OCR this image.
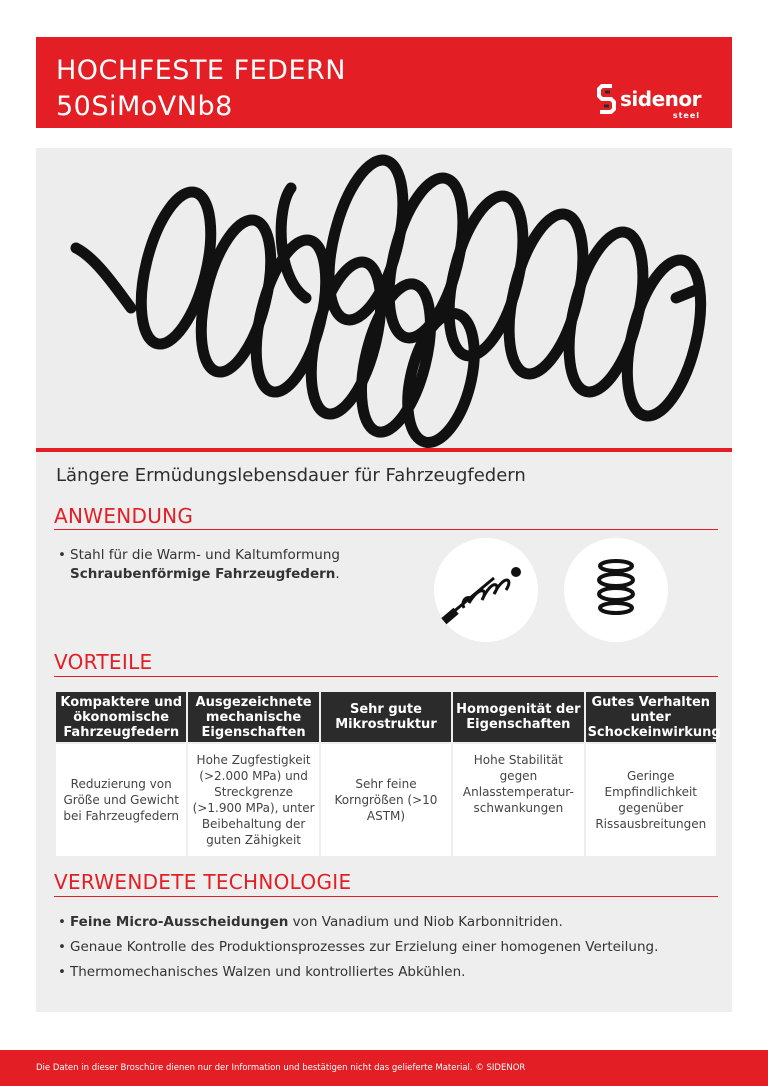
HOCHFESTE FEDERN
50SiMoVNb8	sidenor
steel
Längere Ermüdungslebensdauer für Fahrzeugfedern
ANWENDUNG
• Stahl für die Warm- und Kaltumformung
Schraubenförmige Fahrzeugfedern.
VORTEILE
Kompaktere und ökonomische Fahrzeugfedern	Ausgezeichnete mechanische Eigenschaften	Sehr gute Mikrostruktur	Homogenität der Eigenschaften	Gutes Verhalten unter Schockeinwirkung
Reduzierung von Größe und Gewicht bei Fahrzeugfedern	Hohe Zugfestigkeit (>2.000 MPa) und Streckgrenze (>1.900 MPa), unter Beibehaltung der guten Zähigkeit	Sehr feine Korngrößen (>10 ASTM)	Hohe Stabilität gegen Anlasstemperatur-schwankungen	Geringe Empfindlichkeit gegenüber Rissausbreitungen
VERWENDETE TECHNOLOGIE
• Feine Micro-Ausscheidungen von Vanadium und Niob Karbonnitriden.
• Genaue Kontrolle des Produktionsprozesses zur Erzielung einer homogenen Verteilung.
• Thermomechanisches Walzen und kontrolliertes Abkühlen.
Die Daten in dieser Broschüre dienen nur der Information und bestätigen nicht das gelieferte Material. © SIDENOR
